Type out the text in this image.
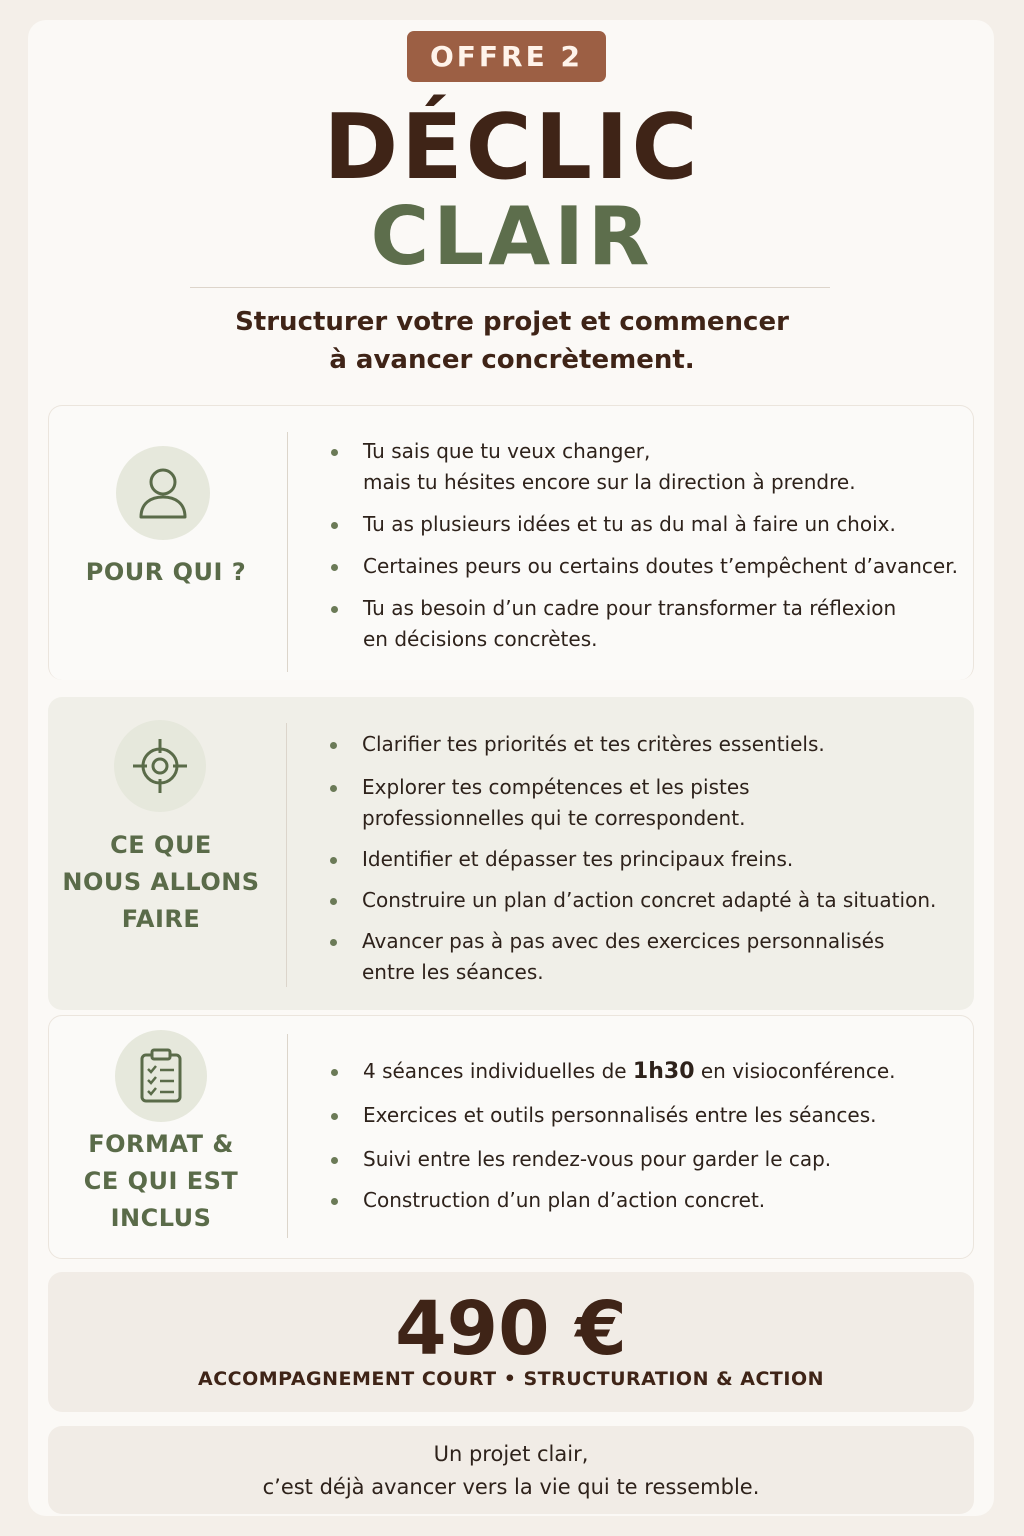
OFFRE 2
DÉCLIC
CLAIR
Structurer votre projet et commencer
à avancer concrètement.
POUR QUI ?
Tu sais que tu veux changer,
mais tu hésites encore sur la direction à prendre.
Tu as plusieurs idées et tu as du mal à faire un choix.
Certaines peurs ou certains doutes t’empêchent d’avancer.
Tu as besoin d’un cadre pour transformer ta réflexion
en décisions concrètes.
CE QUE
NOUS ALLONS
FAIRE
Clarifier tes priorités et tes critères essentiels.
Explorer tes compétences et les pistes
professionnelles qui te correspondent.
Identifier et dépasser tes principaux freins.
Construire un plan d’action concret adapté à ta situation.
Avancer pas à pas avec des exercices personnalisés
entre les séances.
FORMAT &
CE QUI EST
INCLUS
4 séances individuelles de 1h30 en visioconférence.
Exercices et outils personnalisés entre les séances.
Suivi entre les rendez-vous pour garder le cap.
Construction d’un plan d’action concret.
490 €
ACCOMPAGNEMENT COURT • STRUCTURATION & ACTION
Un projet clair,
c’est déjà avancer vers la vie qui te ressemble.
